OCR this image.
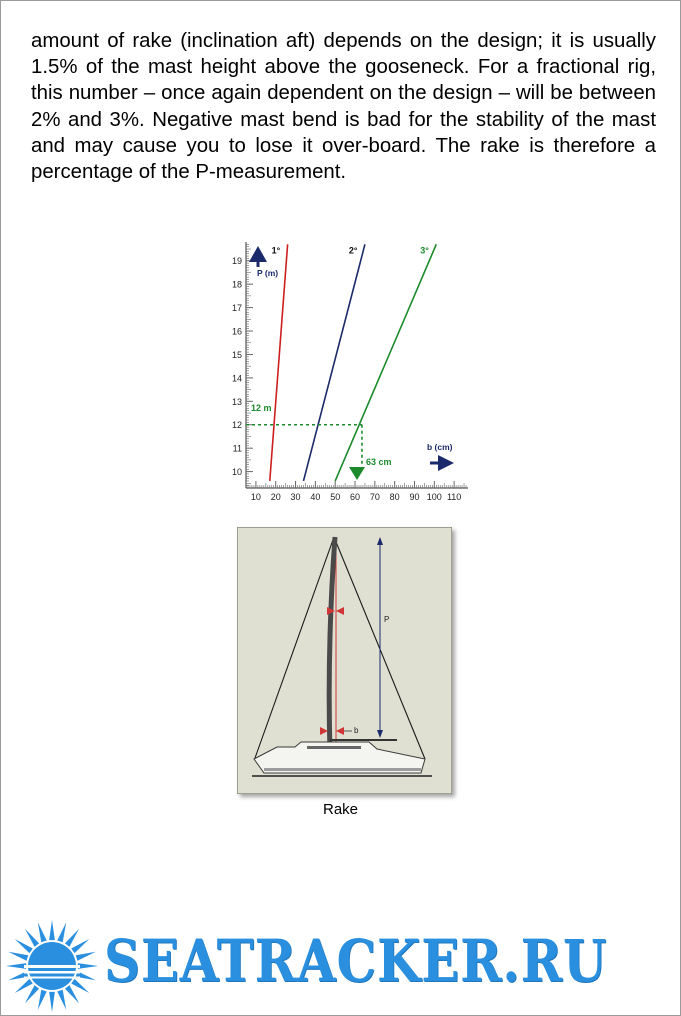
amount of rake (inclination aft) depends on the design; it is usually 1.5% of the mast height above the gooseneck. For a fractional rig, this number – once again dependent on the design – will be between 2% and 3%. Negative mast bend is bad for the stability of the mast and may cause you to lose it over-board. The rake is therefore a percentage of the P-measurement.

10
11
12
13
14
15
16
17
18
19
10 20 30 40 50 60 70 80 90 100 110
1°	2°	3°
P (m)
b (cm)
12 m
63 cm
P
b
Rake
SEATRACKER.RU
